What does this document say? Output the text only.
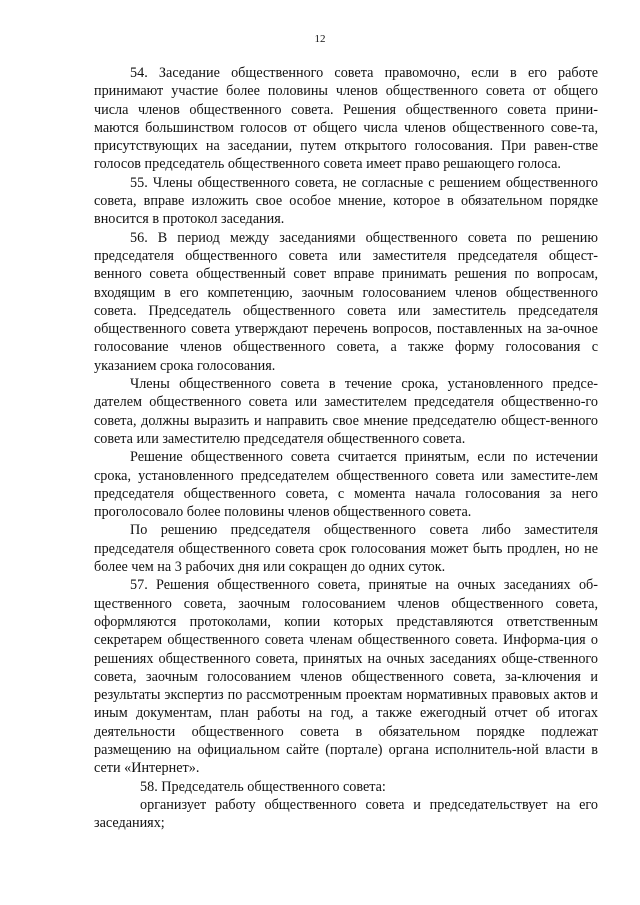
12

54. Заседание общественного совета правомочно, если в его работе принимают участие более половины членов общественного совета от общего числа членов общественного совета. Решения общественного совета прини-маются большинством голосов от общего числа членов общественного сове-та, присутствующих на заседании, путем открытого голосования. При равен-стве голосов председатель общественного совета имеет право решающего голоса.

55. Члены общественного совета, не согласные с решением общественного совета, вправе изложить свое особое мнение, которое в обязательном порядке вносится в протокол заседания.

56. В период между заседаниями общественного совета по решению председателя общественного совета или заместителя председателя общест-венного совета общественный совет вправе принимать решения по вопросам, входящим в его компетенцию, заочным голосованием членов общественного совета. Председатель общественного совета или заместитель председателя общественного совета утверждают перечень вопросов, поставленных на за-очное голосование членов общественного совета, а также форму голосования с указанием срока голосования.

Члены общественного совета в течение срока, установленного предсе-дателем общественного совета или заместителем председателя общественно-го совета, должны выразить и направить свое мнение председателю общест-венного совета или заместителю председателя общественного совета.

Решение общественного совета считается принятым, если по истечении срока, установленного председателем общественного совета или заместите-лем председателя общественного совета, с момента начала голосования за него проголосовало более половины членов общественного совета.

По решению председателя общественного совета либо заместителя председателя общественного совета срок голосования может быть продлен, но не более чем на 3 рабочих дня или сокращен до одних суток.

57. Решения общественного совета, принятые на очных заседаниях об-щественного совета, заочным голосованием членов общественного совета, оформляются протоколами, копии которых представляются ответственным секретарем общественного совета членам общественного совета. Информа-ция о решениях общественного совета, принятых на очных заседаниях обще-ственного совета, заочным голосованием членов общественного совета, за-ключения и результаты экспертиз по рассмотренным проектам нормативных правовых актов и иным документам, план работы на год, а также ежегодный отчет об итогах деятельности общественного совета в обязательном порядке подлежат размещению на официальном сайте (портале) органа исполнитель-ной власти в сети «Интернет».

58. Председатель общественного совета:

организует работу общественного совета и председательствует на его заседаниях;
